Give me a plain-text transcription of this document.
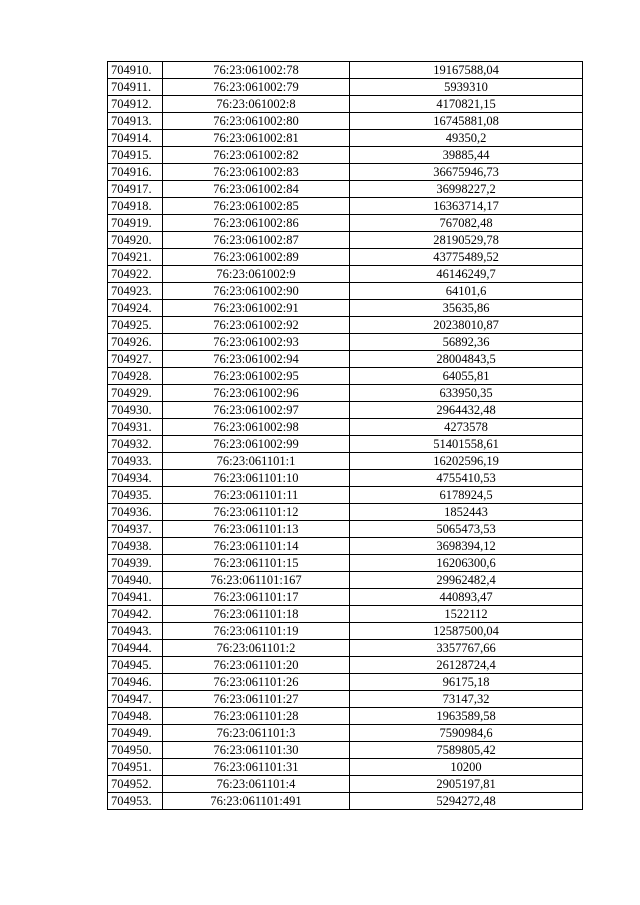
704910.	76:23:061002:78	19167588,04
704911.	76:23:061002:79	5939310
704912.	76:23:061002:8	4170821,15
704913.	76:23:061002:80	16745881,08
704914.	76:23:061002:81	49350,2
704915.	76:23:061002:82	39885,44
704916.	76:23:061002:83	36675946,73
704917.	76:23:061002:84	36998227,2
704918.	76:23:061002:85	16363714,17
704919.	76:23:061002:86	767082,48
704920.	76:23:061002:87	28190529,78
704921.	76:23:061002:89	43775489,52
704922.	76:23:061002:9	46146249,7
704923.	76:23:061002:90	64101,6
704924.	76:23:061002:91	35635,86
704925.	76:23:061002:92	20238010,87
704926.	76:23:061002:93	56892,36
704927.	76:23:061002:94	28004843,5
704928.	76:23:061002:95	64055,81
704929.	76:23:061002:96	633950,35
704930.	76:23:061002:97	2964432,48
704931.	76:23:061002:98	4273578
704932.	76:23:061002:99	51401558,61
704933.	76:23:061101:1	16202596,19
704934.	76:23:061101:10	4755410,53
704935.	76:23:061101:11	6178924,5
704936.	76:23:061101:12	1852443
704937.	76:23:061101:13	5065473,53
704938.	76:23:061101:14	3698394,12
704939.	76:23:061101:15	16206300,6
704940.	76:23:061101:167	29962482,4
704941.	76:23:061101:17	440893,47
704942.	76:23:061101:18	1522112
704943.	76:23:061101:19	12587500,04
704944.	76:23:061101:2	3357767,66
704945.	76:23:061101:20	26128724,4
704946.	76:23:061101:26	96175,18
704947.	76:23:061101:27	73147,32
704948.	76:23:061101:28	1963589,58
704949.	76:23:061101:3	7590984,6
704950.	76:23:061101:30	7589805,42
704951.	76:23:061101:31	10200
704952.	76:23:061101:4	2905197,81
704953.	76:23:061101:491	5294272,48
